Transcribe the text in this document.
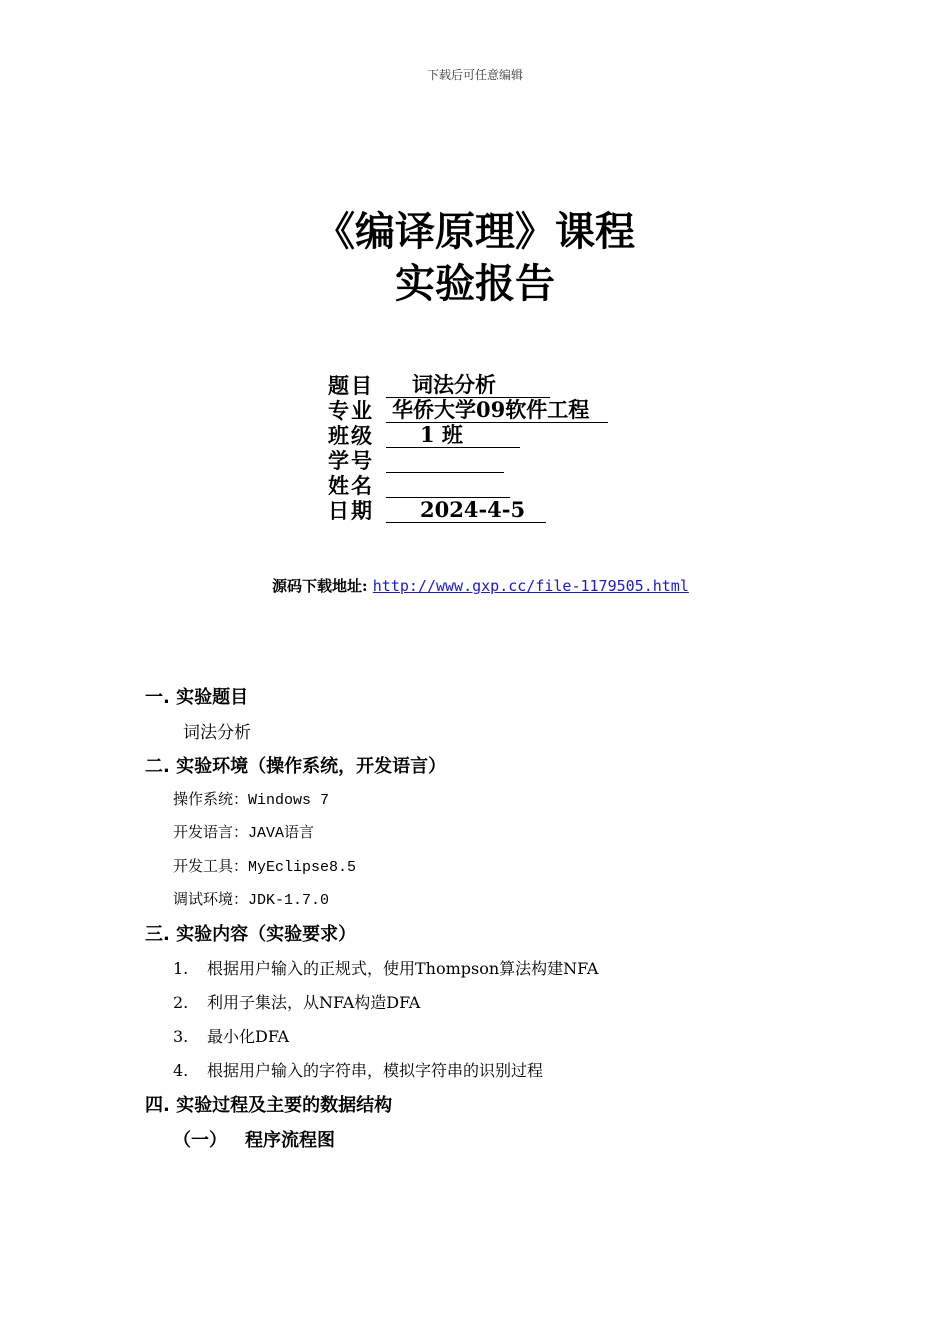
下载后可任意编辑
《编译原理》课程
实验报告
题目 词法分析
专业 华侨大学09软件工程
班级 1 班
学号
姓名
日期 2024-4-5
源码下载地址: http://www.gxp.cc/file-1179505.html
一. 实验题目
词法分析
二. 实验环境（操作系统，开发语言）
操作系统：Windows 7
开发语言：JAVA语言
开发工具：MyEclipse8.5
调试环境：JDK-1.7.0
三. 实验内容（实验要求）
1. 根据用户输入的正规式，使用Thompson算法构建NFA
2. 利用子集法，从NFA构造DFA
3. 最小化DFA
4. 根据用户输入的字符串，模拟字符串的识别过程
四. 实验过程及主要的数据结构
（一） 程序流程图
